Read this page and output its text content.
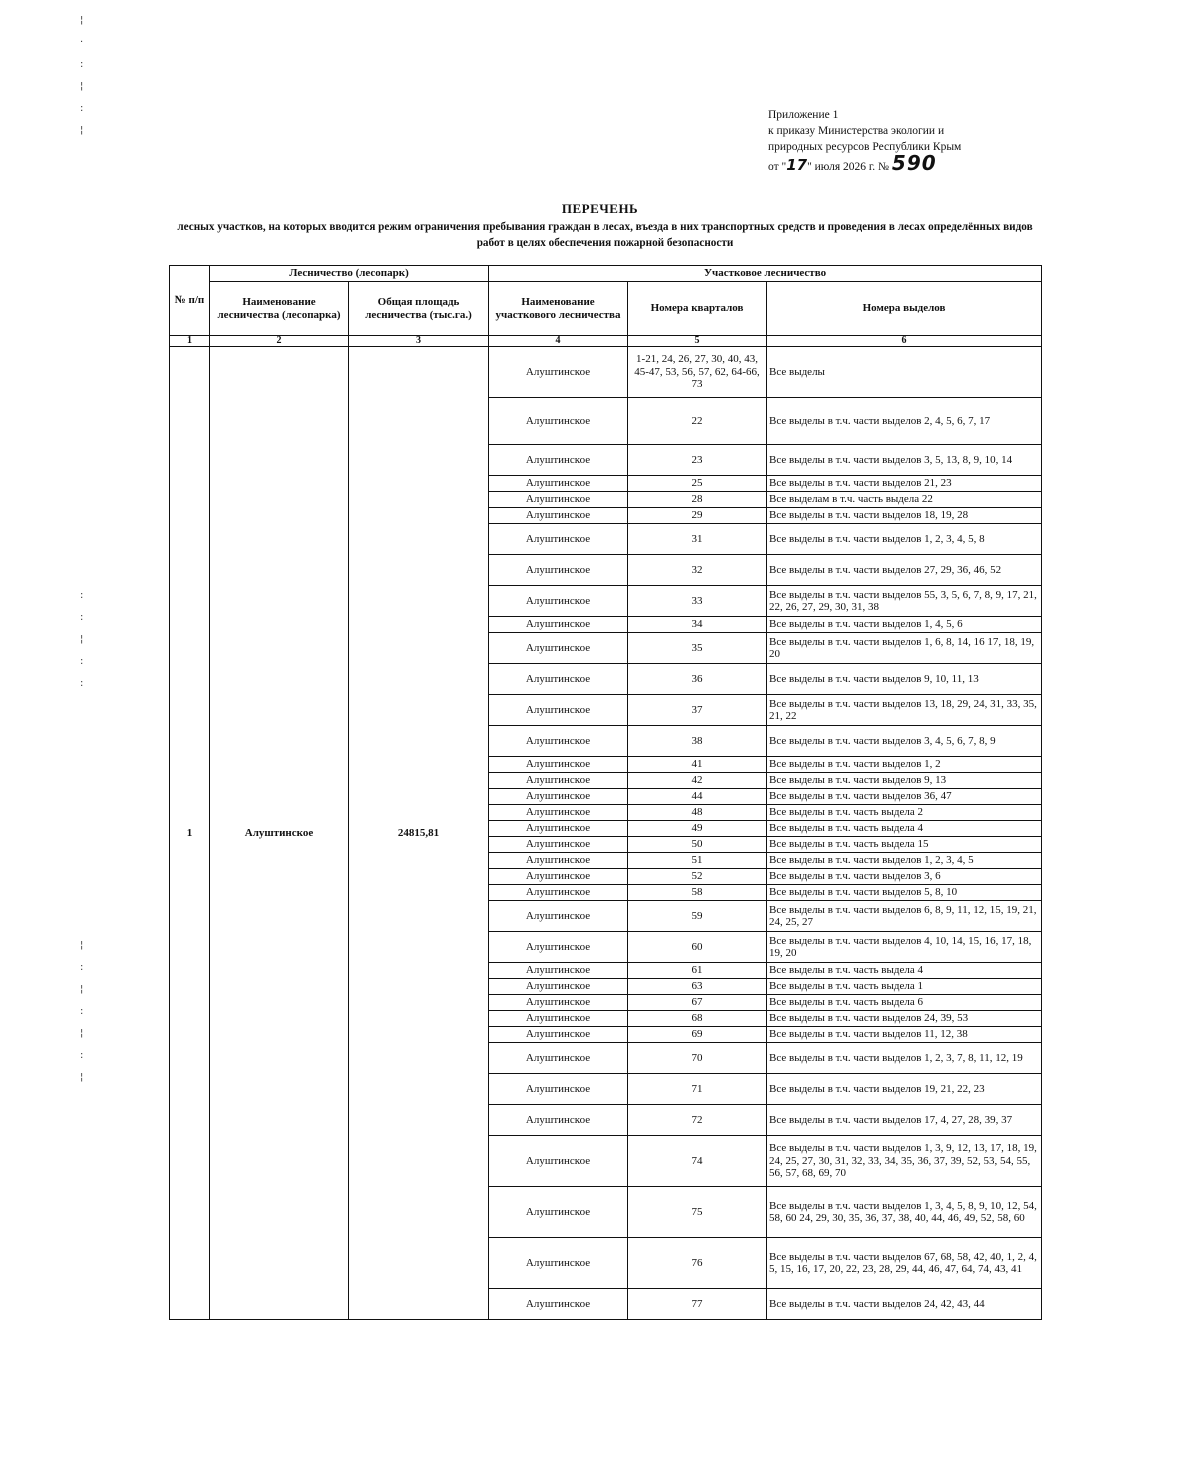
¦
·
:
¦
:
¦
:
:
¦
:
:
¦
:
¦
:
¦
:
¦
Приложение 1
к приказу Министерства экологии и
природных ресурсов Республики Крым
от "17" июля 2026 г. № 590
ПЕРЕЧЕНЬ
лесных участков, на которых вводится режим ограничения пребывания граждан в лесах, въезда в них транспортных средств и проведения в лесах определённых видов работ в целях обеспечения пожарной безопасности
№ п/п	Лесничество (лесопарк)		Участковое лесничество		
	Наименование лесничества (лесопарка)	Общая площадь лесничества (тыс.га.)	Наименование участкового лесничества	Номера кварталов	Номера выделов
1	2	3	4	5	6
1	Алуштинское	24815,81	Алуштинское	1-21, 24, 26, 27, 30, 40, 43, 45-47, 53, 56, 57, 62, 64-66, 73	Все выделы
			Алуштинское	22	Все выделы в т.ч. части выделов 2, 4, 5, 6, 7, 17
			Алуштинское	23	Все выделы в т.ч. части выделов 3, 5, 13, 8, 9, 10, 14
			Алуштинское	25	Все выделы в т.ч. части выделов 21, 23
			Алуштинское	28	Все выделам в т.ч. часть выдела 22
			Алуштинское	29	Все выделы в т.ч. части выделов 18, 19, 28
			Алуштинское	31	Все выделы в т.ч. части выделов 1, 2, 3, 4, 5, 8
			Алуштинское	32	Все выделы в т.ч. части выделов 27, 29, 36, 46, 52
			Алуштинское	33	Все выделы в т.ч. части выделов 55, 3, 5, 6, 7, 8, 9, 17, 21, 22, 26, 27, 29, 30, 31, 38
			Алуштинское	34	Все выделы в т.ч. части выделов 1, 4, 5, 6
			Алуштинское	35	Все выделы в т.ч. части выделов 1, 6, 8, 14, 16 17, 18, 19, 20
			Алуштинское	36	Все выделы в т.ч. части выделов 9, 10, 11, 13
			Алуштинское	37	Все выделы в т.ч. части выделов 13, 18, 29, 24, 31, 33, 35, 21, 22
			Алуштинское	38	Все выделы в т.ч. части выделов 3, 4, 5, 6, 7, 8, 9
			Алуштинское	41	Все выделы в т.ч. части выделов 1, 2
			Алуштинское	42	Все выделы в т.ч. части выделов 9, 13
			Алуштинское	44	Все выделы в т.ч. части выделов 36, 47
			Алуштинское	48	Все выделы в т.ч. часть выдела 2
			Алуштинское	49	Все выделы в т.ч. часть выдела 4
			Алуштинское	50	Все выделы в т.ч. часть выдела 15
			Алуштинское	51	Все выделы в т.ч. части выделов 1, 2, 3, 4, 5
			Алуштинское	52	Все выделы в т.ч. части выделов 3, 6
			Алуштинское	58	Все выделы в т.ч. части выделов 5, 8, 10
			Алуштинское	59	Все выделы в т.ч. части выделов 6, 8, 9, 11, 12, 15, 19, 21, 24, 25, 27
			Алуштинское	60	Все выделы в т.ч. части выделов 4, 10, 14, 15, 16, 17, 18, 19, 20
			Алуштинское	61	Все выделы в т.ч. часть выдела 4
			Алуштинское	63	Все выделы в т.ч. часть выдела 1
			Алуштинское	67	Все выделы в т.ч. часть выдела 6
			Алуштинское	68	Все выделы в т.ч. части выделов 24, 39, 53
			Алуштинское	69	Все выделы в т.ч. части выделов 11, 12, 38
			Алуштинское	70	Все выделы в т.ч. части выделов 1, 2, 3, 7, 8, 11, 12, 19
			Алуштинское	71	Все выделы в т.ч. части выделов 19, 21, 22, 23
			Алуштинское	72	Все выделы в т.ч. части выделов 17, 4, 27, 28, 39, 37
			Алуштинское	74	Все выделы в т.ч. части выделов 1, 3, 9, 12, 13, 17, 18, 19, 24, 25, 27, 30, 31, 32, 33, 34, 35, 36, 37, 39, 52, 53, 54, 55, 56, 57, 68, 69, 70
			Алуштинское	75	Все выделы в т.ч. части выделов 1, 3, 4, 5, 8, 9, 10, 12, 54, 58, 60 24, 29, 30, 35, 36, 37, 38, 40, 44, 46, 49, 52, 58, 60
			Алуштинское	76	Все выделы в т.ч. части выделов 67, 68, 58, 42, 40, 1, 2, 4, 5, 15, 16, 17, 20, 22, 23, 28, 29, 44, 46, 47, 64, 74, 43, 41
			Алуштинское	77	Все выделы в т.ч. части выделов 24, 42, 43, 44
